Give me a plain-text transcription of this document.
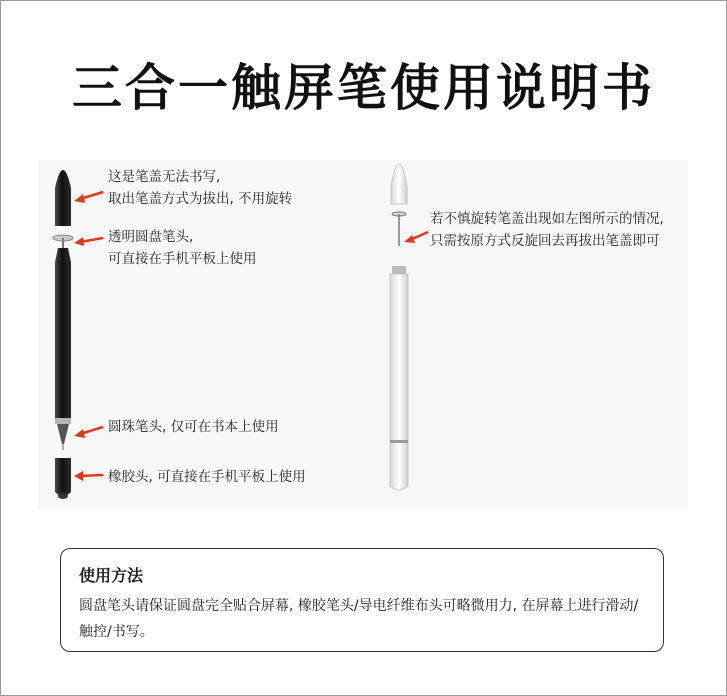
三合一触屏笔使用说明书
这是笔盖无法书写,
取出笔盖方式为拔出, 不用旋转
透明圆盘笔头,
可直接在手机平板上使用
圆珠笔头, 仅可在书本上使用
橡胶头, 可直接在手机平板上使用
若不慎旋转笔盖出现如左图所示的情况,
只需按原方式反旋回去再拔出笔盖即可
使用方法
圆盘笔头请保证圆盘完全贴合屏幕, 橡胶笔头/导电纤维布头可略微用力, 在屏幕上进行滑动/触控/书写。
